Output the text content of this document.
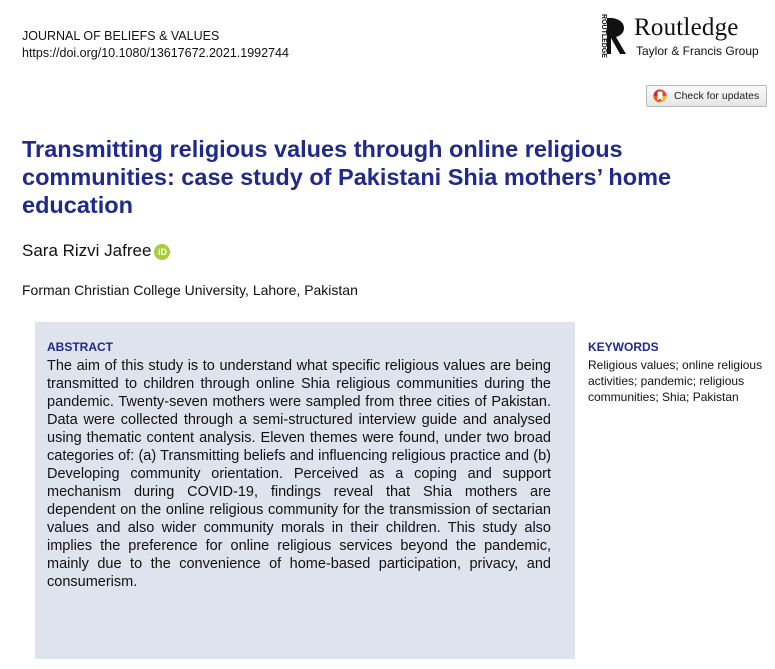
JOURNAL OF BELIEFS & VALUES
https://doi.org/10.1080/13617672.2021.1992744	ROUTLEDGE Routledge
Taylor & Francis Group
Check for updates
Transmitting religious values through online religious communities: case study of Pakistani Shia mothers’ home education
Sara Rizvi Jafree iD
Forman Christian College University, Lahore, Pakistan
ABSTRACT

The aim of this study is to understand what specific religious values are being transmitted to children through online Shia religious communities during the pandemic. Twenty-seven mothers were sampled from three cities of Pakistan. Data were collected through a semi-structured interview guide and analysed using thematic content analysis. Eleven themes were found, under two broad categories of: (a) Transmitting beliefs and influencing religious practice and (b) Developing community orientation. Perceived as a coping and support mechanism during COVID-19, findings reveal that Shia mothers are dependent on the online religious community for the transmission of sectarian values and also wider community morals in their children. This study also implies the preference for online religious services beyond the pandemic, mainly due to the convenience of home-based participation, privacy, and consumerism.

KEYWORDS
Religious values; online religious activities; pandemic; religious communities; Shia; Pakistan
